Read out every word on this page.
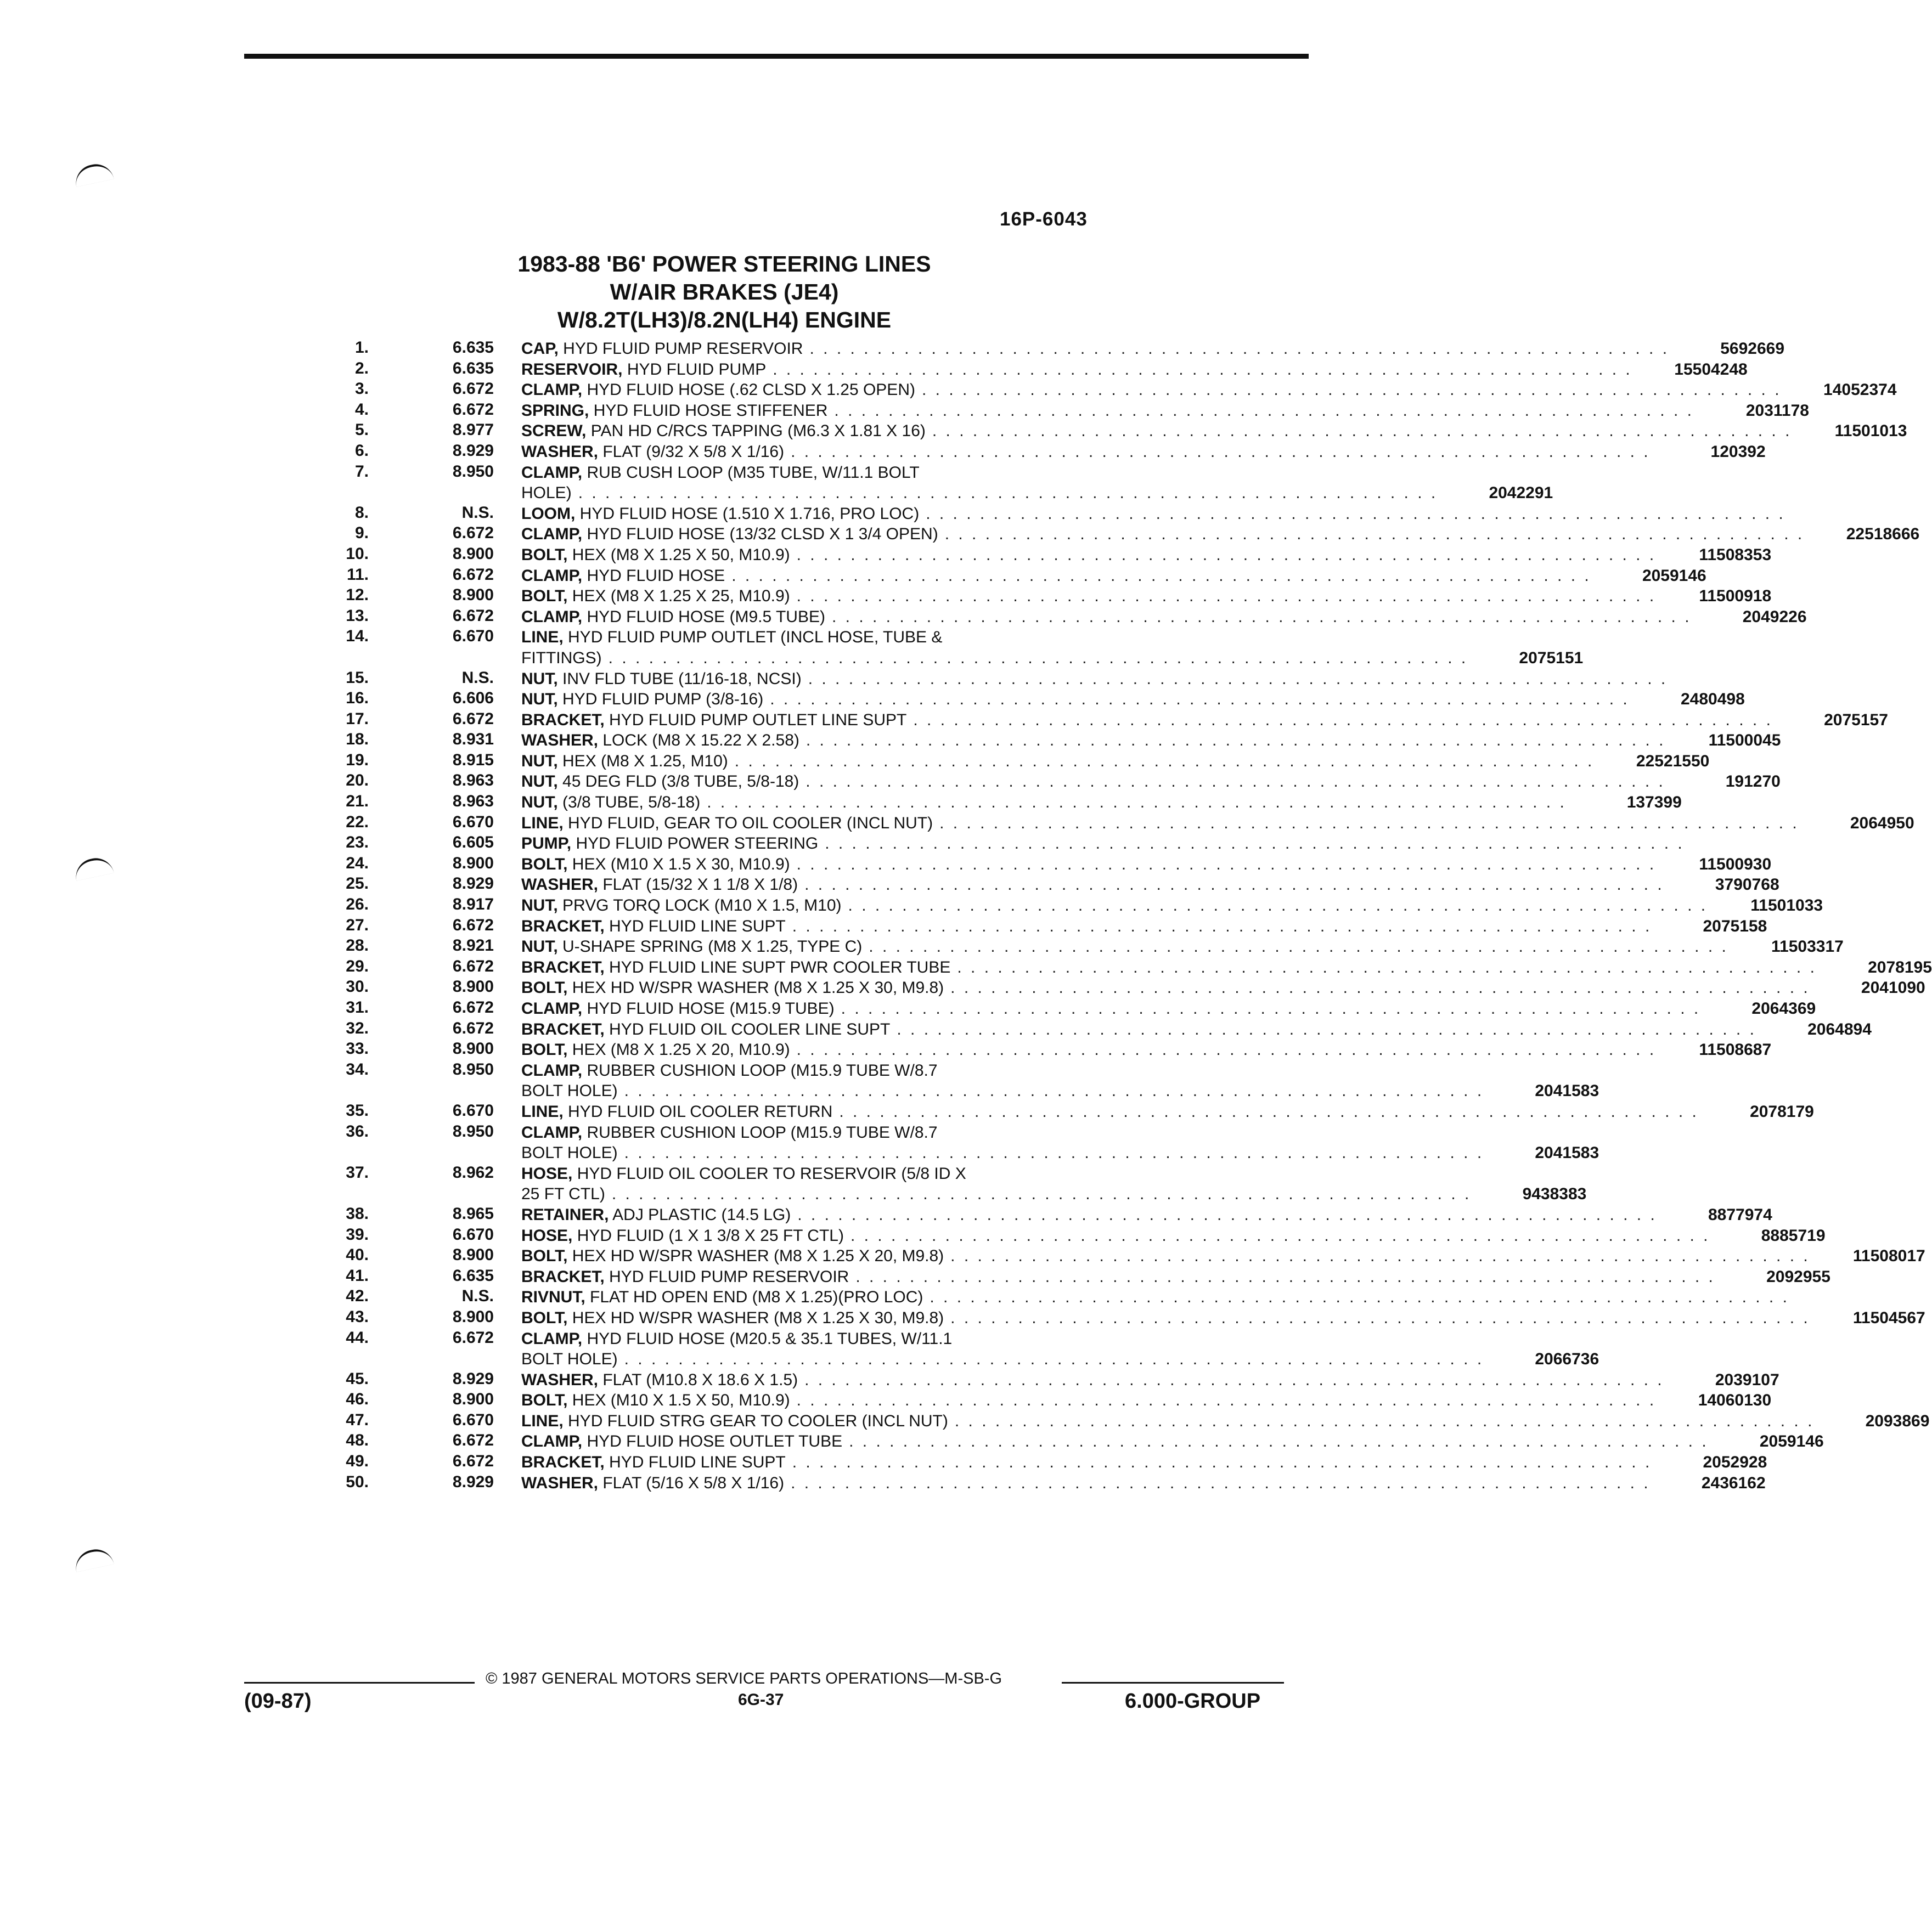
16P-6043
1983-88 'B6' POWER STEERING LINES
W/AIR BRAKES (JE4)
W/8.2T(LH3)/8.2N(LH4) ENGINE
1.	6.635 CAP, HYD FLUID PUMP RESERVOIR . . . . . . . . . . . . . . . . . . . . . . . . . . . . . . . . . . . . . . . . . . . . . . . . . . . . . . . . . . . . . . . .	5692669
2.	6.635 RESERVOIR, HYD FLUID PUMP . . . . . . . . . . . . . . . . . . . . . . . . . . . . . . . . . . . . . . . . . . . . . . . . . . . . . . . . . . . . . . . .	15504248
3.	6.672 CLAMP, HYD FLUID HOSE (.62 CLSD X 1.25 OPEN) . . . . . . . . . . . . . . . . . . . . . . . . . . . . . . . . . . . . . . . . . . . . . . . . . . . . . . . . . . . . . . . .	14052374
4.	6.672 SPRING, HYD FLUID HOSE STIFFENER . . . . . . . . . . . . . . . . . . . . . . . . . . . . . . . . . . . . . . . . . . . . . . . . . . . . . . . . . . . . . . . .	2031178
5.	8.977 SCREW, PAN HD C/RCS TAPPING (M6.3 X 1.81 X 16) . . . . . . . . . . . . . . . . . . . . . . . . . . . . . . . . . . . . . . . . . . . . . . . . . . . . . . . . . . . . . . . .	11501013
6.	8.929 WASHER, FLAT (9/32 X 5/8 X 1/16) . . . . . . . . . . . . . . . . . . . . . . . . . . . . . . . . . . . . . . . . . . . . . . . . . . . . . . . . . . . . . . . .	120392
7.	8.950 CLAMP, RUB CUSH LOOP (M35 TUBE, W/11.1 BOLT
HOLE) . . . . . . . . . . . . . . . . . . . . . . . . . . . . . . . . . . . . . . . . . . . . . . . . . . . . . . . . . . . . . . . .	2042291
8.	N.S. LOOM, HYD FLUID HOSE (1.510 X 1.716, PRO LOC) . . . . . . . . . . . . . . . . . . . . . . . . . . . . . . . . . . . . . . . . . . . . . . . . . . . . . . . . . . . . . . . .
9.	6.672 CLAMP, HYD FLUID HOSE (13/32 CLSD X 1 3/4 OPEN) . . . . . . . . . . . . . . . . . . . . . . . . . . . . . . . . . . . . . . . . . . . . . . . . . . . . . . . . . . . . . . . .	22518666
10.	8.900 BOLT, HEX (M8 X 1.25 X 50, M10.9) . . . . . . . . . . . . . . . . . . . . . . . . . . . . . . . . . . . . . . . . . . . . . . . . . . . . . . . . . . . . . . . .	11508353
11.	6.672 CLAMP, HYD FLUID HOSE . . . . . . . . . . . . . . . . . . . . . . . . . . . . . . . . . . . . . . . . . . . . . . . . . . . . . . . . . . . . . . . .	2059146
12.	8.900 BOLT, HEX (M8 X 1.25 X 25, M10.9) . . . . . . . . . . . . . . . . . . . . . . . . . . . . . . . . . . . . . . . . . . . . . . . . . . . . . . . . . . . . . . . .	11500918
13.	6.672 CLAMP, HYD FLUID HOSE (M9.5 TUBE) . . . . . . . . . . . . . . . . . . . . . . . . . . . . . . . . . . . . . . . . . . . . . . . . . . . . . . . . . . . . . . . .	2049226
14.	6.670 LINE, HYD FLUID PUMP OUTLET (INCL HOSE, TUBE &
FITTINGS) . . . . . . . . . . . . . . . . . . . . . . . . . . . . . . . . . . . . . . . . . . . . . . . . . . . . . . . . . . . . . . . .	2075151
15.	N.S. NUT, INV FLD TUBE (11/16-18, NCSI) . . . . . . . . . . . . . . . . . . . . . . . . . . . . . . . . . . . . . . . . . . . . . . . . . . . . . . . . . . . . . . . .
16.	6.606 NUT, HYD FLUID PUMP (3/8-16) . . . . . . . . . . . . . . . . . . . . . . . . . . . . . . . . . . . . . . . . . . . . . . . . . . . . . . . . . . . . . . . .	2480498
17.	6.672 BRACKET, HYD FLUID PUMP OUTLET LINE SUPT . . . . . . . . . . . . . . . . . . . . . . . . . . . . . . . . . . . . . . . . . . . . . . . . . . . . . . . . . . . . . . . .	2075157
18.	8.931 WASHER, LOCK (M8 X 15.22 X 2.58) . . . . . . . . . . . . . . . . . . . . . . . . . . . . . . . . . . . . . . . . . . . . . . . . . . . . . . . . . . . . . . . .	11500045
19.	8.915 NUT, HEX (M8 X 1.25, M10) . . . . . . . . . . . . . . . . . . . . . . . . . . . . . . . . . . . . . . . . . . . . . . . . . . . . . . . . . . . . . . . .	22521550
20.	8.963 NUT, 45 DEG FLD (3/8 TUBE, 5/8-18) . . . . . . . . . . . . . . . . . . . . . . . . . . . . . . . . . . . . . . . . . . . . . . . . . . . . . . . . . . . . . . . .	191270
21.	8.963 NUT, (3/8 TUBE, 5/8-18) . . . . . . . . . . . . . . . . . . . . . . . . . . . . . . . . . . . . . . . . . . . . . . . . . . . . . . . . . . . . . . . .	137399
22.	6.670 LINE, HYD FLUID, GEAR TO OIL COOLER (INCL NUT) . . . . . . . . . . . . . . . . . . . . . . . . . . . . . . . . . . . . . . . . . . . . . . . . . . . . . . . . . . . . . . . .	2064950
23.	6.605 PUMP, HYD FLUID POWER STEERING . . . . . . . . . . . . . . . . . . . . . . . . . . . . . . . . . . . . . . . . . . . . . . . . . . . . . . . . . . . . . . . .
24.	8.900 BOLT, HEX (M10 X 1.5 X 30, M10.9) . . . . . . . . . . . . . . . . . . . . . . . . . . . . . . . . . . . . . . . . . . . . . . . . . . . . . . . . . . . . . . . .	11500930
25.	8.929 WASHER, FLAT (15/32 X 1 1/8 X 1/8) . . . . . . . . . . . . . . . . . . . . . . . . . . . . . . . . . . . . . . . . . . . . . . . . . . . . . . . . . . . . . . . .	3790768
26.	8.917 NUT, PRVG TORQ LOCK (M10 X 1.5, M10) . . . . . . . . . . . . . . . . . . . . . . . . . . . . . . . . . . . . . . . . . . . . . . . . . . . . . . . . . . . . . . . .	11501033
27.	6.672 BRACKET, HYD FLUID LINE SUPT . . . . . . . . . . . . . . . . . . . . . . . . . . . . . . . . . . . . . . . . . . . . . . . . . . . . . . . . . . . . . . . .	2075158
28.	8.921 NUT, U-SHAPE SPRING (M8 X 1.25, TYPE C) . . . . . . . . . . . . . . . . . . . . . . . . . . . . . . . . . . . . . . . . . . . . . . . . . . . . . . . . . . . . . . . .	11503317
29.	6.672 BRACKET, HYD FLUID LINE SUPT PWR COOLER TUBE . . . . . . . . . . . . . . . . . . . . . . . . . . . . . . . . . . . . . . . . . . . . . . . . . . . . . . . . . . . . . . . .	2078195
30.	8.900 BOLT, HEX HD W/SPR WASHER (M8 X 1.25 X 30, M9.8) . . . . . . . . . . . . . . . . . . . . . . . . . . . . . . . . . . . . . . . . . . . . . . . . . . . . . . . . . . . . . . . .	2041090
31.	6.672 CLAMP, HYD FLUID HOSE (M15.9 TUBE) . . . . . . . . . . . . . . . . . . . . . . . . . . . . . . . . . . . . . . . . . . . . . . . . . . . . . . . . . . . . . . . .	2064369
32.	6.672 BRACKET, HYD FLUID OIL COOLER LINE SUPT . . . . . . . . . . . . . . . . . . . . . . . . . . . . . . . . . . . . . . . . . . . . . . . . . . . . . . . . . . . . . . . .	2064894
33.	8.900 BOLT, HEX (M8 X 1.25 X 20, M10.9) . . . . . . . . . . . . . . . . . . . . . . . . . . . . . . . . . . . . . . . . . . . . . . . . . . . . . . . . . . . . . . . .	11508687
34.	8.950 CLAMP, RUBBER CUSHION LOOP (M15.9 TUBE W/8.7
BOLT HOLE) . . . . . . . . . . . . . . . . . . . . . . . . . . . . . . . . . . . . . . . . . . . . . . . . . . . . . . . . . . . . . . . .	2041583
35.	6.670 LINE, HYD FLUID OIL COOLER RETURN . . . . . . . . . . . . . . . . . . . . . . . . . . . . . . . . . . . . . . . . . . . . . . . . . . . . . . . . . . . . . . . .	2078179
36.	8.950 CLAMP, RUBBER CUSHION LOOP (M15.9 TUBE W/8.7
BOLT HOLE) . . . . . . . . . . . . . . . . . . . . . . . . . . . . . . . . . . . . . . . . . . . . . . . . . . . . . . . . . . . . . . . .	2041583
37.	8.962 HOSE, HYD FLUID OIL COOLER TO RESERVOIR (5/8 ID X
25 FT CTL) . . . . . . . . . . . . . . . . . . . . . . . . . . . . . . . . . . . . . . . . . . . . . . . . . . . . . . . . . . . . . . . .	9438383
38.	8.965 RETAINER, ADJ PLASTIC (14.5 LG) . . . . . . . . . . . . . . . . . . . . . . . . . . . . . . . . . . . . . . . . . . . . . . . . . . . . . . . . . . . . . . . .	8877974
39.	6.670 HOSE, HYD FLUID (1 X 1 3/8 X 25 FT CTL) . . . . . . . . . . . . . . . . . . . . . . . . . . . . . . . . . . . . . . . . . . . . . . . . . . . . . . . . . . . . . . . .	8885719
40.	8.900 BOLT, HEX HD W/SPR WASHER (M8 X 1.25 X 20, M9.8) . . . . . . . . . . . . . . . . . . . . . . . . . . . . . . . . . . . . . . . . . . . . . . . . . . . . . . . . . . . . . . . .	11508017
41.	6.635 BRACKET, HYD FLUID PUMP RESERVOIR . . . . . . . . . . . . . . . . . . . . . . . . . . . . . . . . . . . . . . . . . . . . . . . . . . . . . . . . . . . . . . . .	2092955
42.	N.S. RIVNUT, FLAT HD OPEN END (M8 X 1.25)(PRO LOC) . . . . . . . . . . . . . . . . . . . . . . . . . . . . . . . . . . . . . . . . . . . . . . . . . . . . . . . . . . . . . . . .
43.	8.900 BOLT, HEX HD W/SPR WASHER (M8 X 1.25 X 30, M9.8) . . . . . . . . . . . . . . . . . . . . . . . . . . . . . . . . . . . . . . . . . . . . . . . . . . . . . . . . . . . . . . . .	11504567
44.	6.672 CLAMP, HYD FLUID HOSE (M20.5 & 35.1 TUBES, W/11.1
BOLT HOLE) . . . . . . . . . . . . . . . . . . . . . . . . . . . . . . . . . . . . . . . . . . . . . . . . . . . . . . . . . . . . . . . .	2066736
45.	8.929 WASHER, FLAT (M10.8 X 18.6 X 1.5) . . . . . . . . . . . . . . . . . . . . . . . . . . . . . . . . . . . . . . . . . . . . . . . . . . . . . . . . . . . . . . . .	2039107
46.	8.900 BOLT, HEX (M10 X 1.5 X 50, M10.9) . . . . . . . . . . . . . . . . . . . . . . . . . . . . . . . . . . . . . . . . . . . . . . . . . . . . . . . . . . . . . . . .	14060130
47.	6.670 LINE, HYD FLUID STRG GEAR TO COOLER (INCL NUT) . . . . . . . . . . . . . . . . . . . . . . . . . . . . . . . . . . . . . . . . . . . . . . . . . . . . . . . . . . . . . . . .	2093869
48.	6.672 CLAMP, HYD FLUID HOSE OUTLET TUBE . . . . . . . . . . . . . . . . . . . . . . . . . . . . . . . . . . . . . . . . . . . . . . . . . . . . . . . . . . . . . . . .	2059146
49.	6.672 BRACKET, HYD FLUID LINE SUPT . . . . . . . . . . . . . . . . . . . . . . . . . . . . . . . . . . . . . . . . . . . . . . . . . . . . . . . . . . . . . . . .	2052928
50.	8.929 WASHER, FLAT (5/16 X 5/8 X 1/16) . . . . . . . . . . . . . . . . . . . . . . . . . . . . . . . . . . . . . . . . . . . . . . . . . . . . . . . . . . . . . . . .	2436162
© 1987 GENERAL MOTORS SERVICE PARTS OPERATIONS—M-SB-G
6G-37
(09-87)	6.000-GROUP
